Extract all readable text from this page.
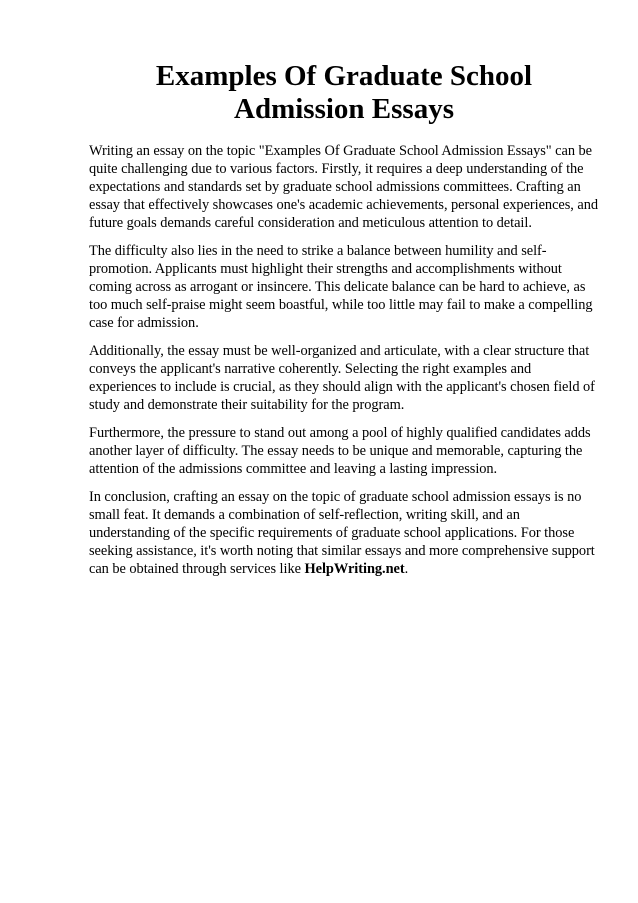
Examples Of Graduate School Admission Essays

Writing an essay on the topic "Examples Of Graduate School Admission Essays" can be quite challenging due to various factors. Firstly, it requires a deep understanding of the expectations and standards set by graduate school admissions committees. Crafting an essay that effectively showcases one's academic achievements, personal experiences, and future goals demands careful consideration and meticulous attention to detail.

The difficulty also lies in the need to strike a balance between humility and self-promotion. Applicants must highlight their strengths and accomplishments without coming across as arrogant or insincere. This delicate balance can be hard to achieve, as too much self-praise might seem boastful, while too little may fail to make a compelling case for admission.

Additionally, the essay must be well-organized and articulate, with a clear structure that conveys the applicant's narrative coherently. Selecting the right examples and experiences to include is crucial, as they should align with the applicant's chosen field of study and demonstrate their suitability for the program.

Furthermore, the pressure to stand out among a pool of highly qualified candidates adds another layer of difficulty. The essay needs to be unique and memorable, capturing the attention of the admissions committee and leaving a lasting impression.

In conclusion, crafting an essay on the topic of graduate school admission essays is no small feat. It demands a combination of self-reflection, writing skill, and an understanding of the specific requirements of graduate school applications. For those seeking assistance, it's worth noting that similar essays and more comprehensive support can be obtained through services like HelpWriting.net.
